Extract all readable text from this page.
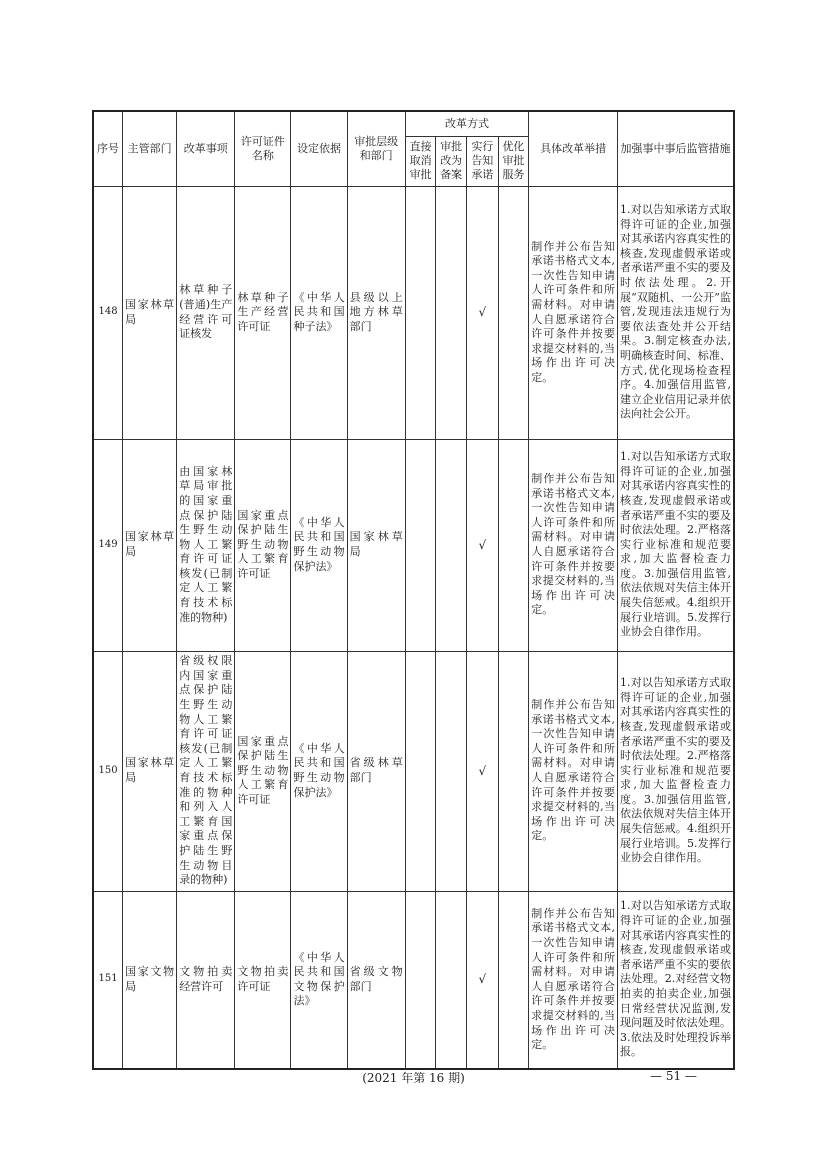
序号	主管部门	改革事项	许可证件名称	设定依据	审批层级和部门	改革方式				具体改革举措	加强事中事后监管措施
						直接取消审批	审批改为备案	实行告知承诺	优化审批服务		
148	国家林草局	林草种子(普通)生产经营许可证核发	林草种子生产经营许可证	《中华人民共和国种子法》	县级以上地方林草部门			√		制作并公布告知承诺书格式文本,一次性告知申请人许可条件和所需材料。对申请人自愿承诺符合许可条件并按要求提交材料的,当场作出许可决定。	1.对以告知承诺方式取得许可证的企业,加强对其承诺内容真实性的核查,发现虚假承诺或者承诺严重不实的要及时依法处理。2.开展“双随机、一公开”监管,发现违法违规行为要依法查处并公开结果。3.制定核查办法,明确核查时间、标准、方式,优化现场检查程序。4.加强信用监管,建立企业信用记录并依法向社会公开。
149	国家林草局	由国家林草局审批的国家重点保护陆生野生动物人工繁育许可证核发(已制定人工繁育技术标准的物种)	国家重点保护陆生野生动物人工繁育许可证	《中华人民共和国野生动物保护法》	国家林草局			√		制作并公布告知承诺书格式文本,一次性告知申请人许可条件和所需材料。对申请人自愿承诺符合许可条件并按要求提交材料的,当场作出许可决定。	1.对以告知承诺方式取得许可证的企业,加强对其承诺内容真实性的核查,发现虚假承诺或者承诺严重不实的要及时依法处理。2.严格落实行业标准和规范要求,加大监督检查力度。3.加强信用监管,依法依规对失信主体开展失信惩戒。4.组织开展行业培训。5.发挥行业协会自律作用。
150	国家林草局	省级权限内国家重点保护陆生野生动物人工繁育许可证核发(已制定人工繁育技术标准的物种和列入人工繁育国家重点保护陆生野生动物目录的物种)	国家重点保护陆生野生动物人工繁育许可证	《中华人民共和国野生动物保护法》	省级林草部门			√		制作并公布告知承诺书格式文本,一次性告知申请人许可条件和所需材料。对申请人自愿承诺符合许可条件并按要求提交材料的,当场作出许可决定。	1.对以告知承诺方式取得许可证的企业,加强对其承诺内容真实性的核查,发现虚假承诺或者承诺严重不实的要及时依法处理。2.严格落实行业标准和规范要求,加大监督检查力度。3.加强信用监管,依法依规对失信主体开展失信惩戒。4.组织开展行业培训。5.发挥行业协会自律作用。
151	国家文物局	文物拍卖经营许可	文物拍卖许可证	《中华人民共和国文物保护法》	省级文物部门			√		制作并公布告知承诺书格式文本,一次性告知申请人许可条件和所需材料。对申请人自愿承诺符合许可条件并按要求提交材料的,当场作出许可决定。	1.对以告知承诺方式取得许可证的企业,加强对其承诺内容真实性的核查,发现虚假承诺或者承诺严重不实的要依法处理。2.对经营文物拍卖的拍卖企业,加强日常经营状况监测,发现问题及时依法处理。3.依法及时处理投诉举报。
(2021 年第 16 期)	— 51 —
